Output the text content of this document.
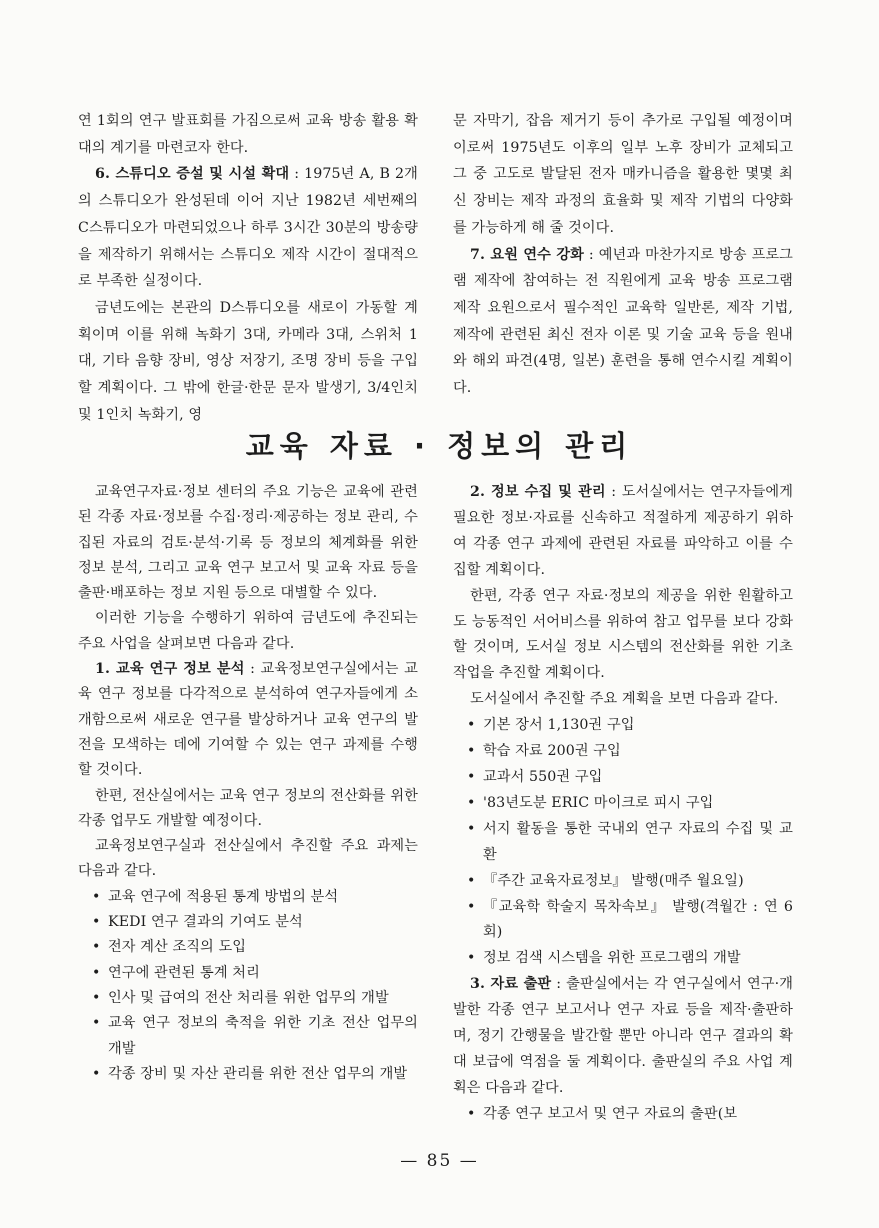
연 1회의 연구 발표회를 가짐으로써 교육 방송 활용 확대의 계기를 마련코자 한다.

6. 스튜디오 증설 및 시설 확대 : 1975년 A, B 2개의 스튜디오가 완성된데 이어 지난 1982년 세번째의 C스튜디오가 마련되었으나 하루 3시간 30분의 방송량을 제작하기 위해서는 스튜디오 제작 시간이 절대적으로 부족한 실정이다.

금년도에는 본관의 D스튜디오를 새로이 가동할 계획이며 이를 위해 녹화기 3대, 카메라 3대, 스위처 1대, 기타 음향 장비, 영상 저장기, 조명 장비 등을 구입할 계획이다. 그 밖에 한글·한문 문자 발생기, 3/4인치 및 1인치 녹화기, 영

문 자막기, 잡음 제거기 등이 추가로 구입될 예정이며 이로써 1975년도 이후의 일부 노후 장비가 교체되고 그 중 고도로 발달된 전자 매카니즘을 활용한 몇몇 최신 장비는 제작 과정의 효율화 및 제작 기법의 다양화를 가능하게 해 줄 것이다.

7. 요원 연수 강화 : 예년과 마찬가지로 방송 프로그램 제작에 참여하는 전 직원에게 교육 방송 프로그램 제작 요원으로서 필수적인 교육학 일반론, 제작 기법, 제작에 관련된 최신 전자 이론 및 기술 교육 등을 원내와 해외 파견(4명, 일본) 훈련을 통해 연수시킬 계획이다.

교육 자료 · 정보의 관리

교육연구자료·정보 센터의 주요 기능은 교육에 관련된 각종 자료·정보를 수집·정리·제공하는 정보 관리, 수집된 자료의 검토·분석·기록 등 정보의 체계화를 위한 정보 분석, 그리고 교육 연구 보고서 및 교육 자료 등을 출판·배포하는 정보 지원 등으로 대별할 수 있다.

이러한 기능을 수행하기 위하여 금년도에 추진되는 주요 사업을 살펴보면 다음과 같다.

1. 교육 연구 정보 분석 : 교육정보연구실에서는 교육 연구 정보를 다각적으로 분석하여 연구자들에게 소개함으로써 새로운 연구를 발상하거나 교육 연구의 발전을 모색하는 데에 기여할 수 있는 연구 과제를 수행할 것이다.

한편, 전산실에서는 교육 연구 정보의 전산화를 위한 각종 업무도 개발할 예정이다.

교육정보연구실과 전산실에서 추진할 주요 과제는 다음과 같다.

• 교육 연구에 적용된 통계 방법의 분석
• KEDI 연구 결과의 기여도 분석
• 전자 계산 조직의 도입
• 연구에 관련된 통계 처리
• 인사 및 급여의 전산 처리를 위한 업무의 개발
• 교육 연구 정보의 축적을 위한 기초 전산 업무의 개발
• 각종 장비 및 자산 관리를 위한 전산 업무의 개발

2. 정보 수집 및 관리 : 도서실에서는 연구자들에게 필요한 정보·자료를 신속하고 적절하게 제공하기 위하여 각종 연구 과제에 관련된 자료를 파악하고 이를 수집할 계획이다.

한편, 각종 연구 자료·정보의 제공을 위한 원활하고도 능동적인 서어비스를 위하여 참고 업무를 보다 강화할 것이며, 도서실 정보 시스템의 전산화를 위한 기초 작업을 추진할 계획이다.

도서실에서 추진할 주요 계획을 보면 다음과 같다.

• 기본 장서 1,130권 구입
• 학습 자료 200권 구입
• 교과서 550권 구입
• '83년도분 ERIC 마이크로 피시 구입
• 서지 활동을 통한 국내외 연구 자료의 수집 및 교환
• 『주간 교육자료정보』 발행(매주 월요일)
• 『교육학 학술지 목차속보』 발행(격월간 : 연 6회)
• 정보 검색 시스템을 위한 프로그램의 개발

3. 자료 출판 : 출판실에서는 각 연구실에서 연구·개발한 각종 연구 보고서나 연구 자료 등을 제작·출판하며, 정기 간행물을 발간할 뿐만 아니라 연구 결과의 확대 보급에 역점을 둘 계획이다. 출판실의 주요 사업 계획은 다음과 같다.

• 각종 연구 보고서 및 연구 자료의 출판(보
— 85 —
